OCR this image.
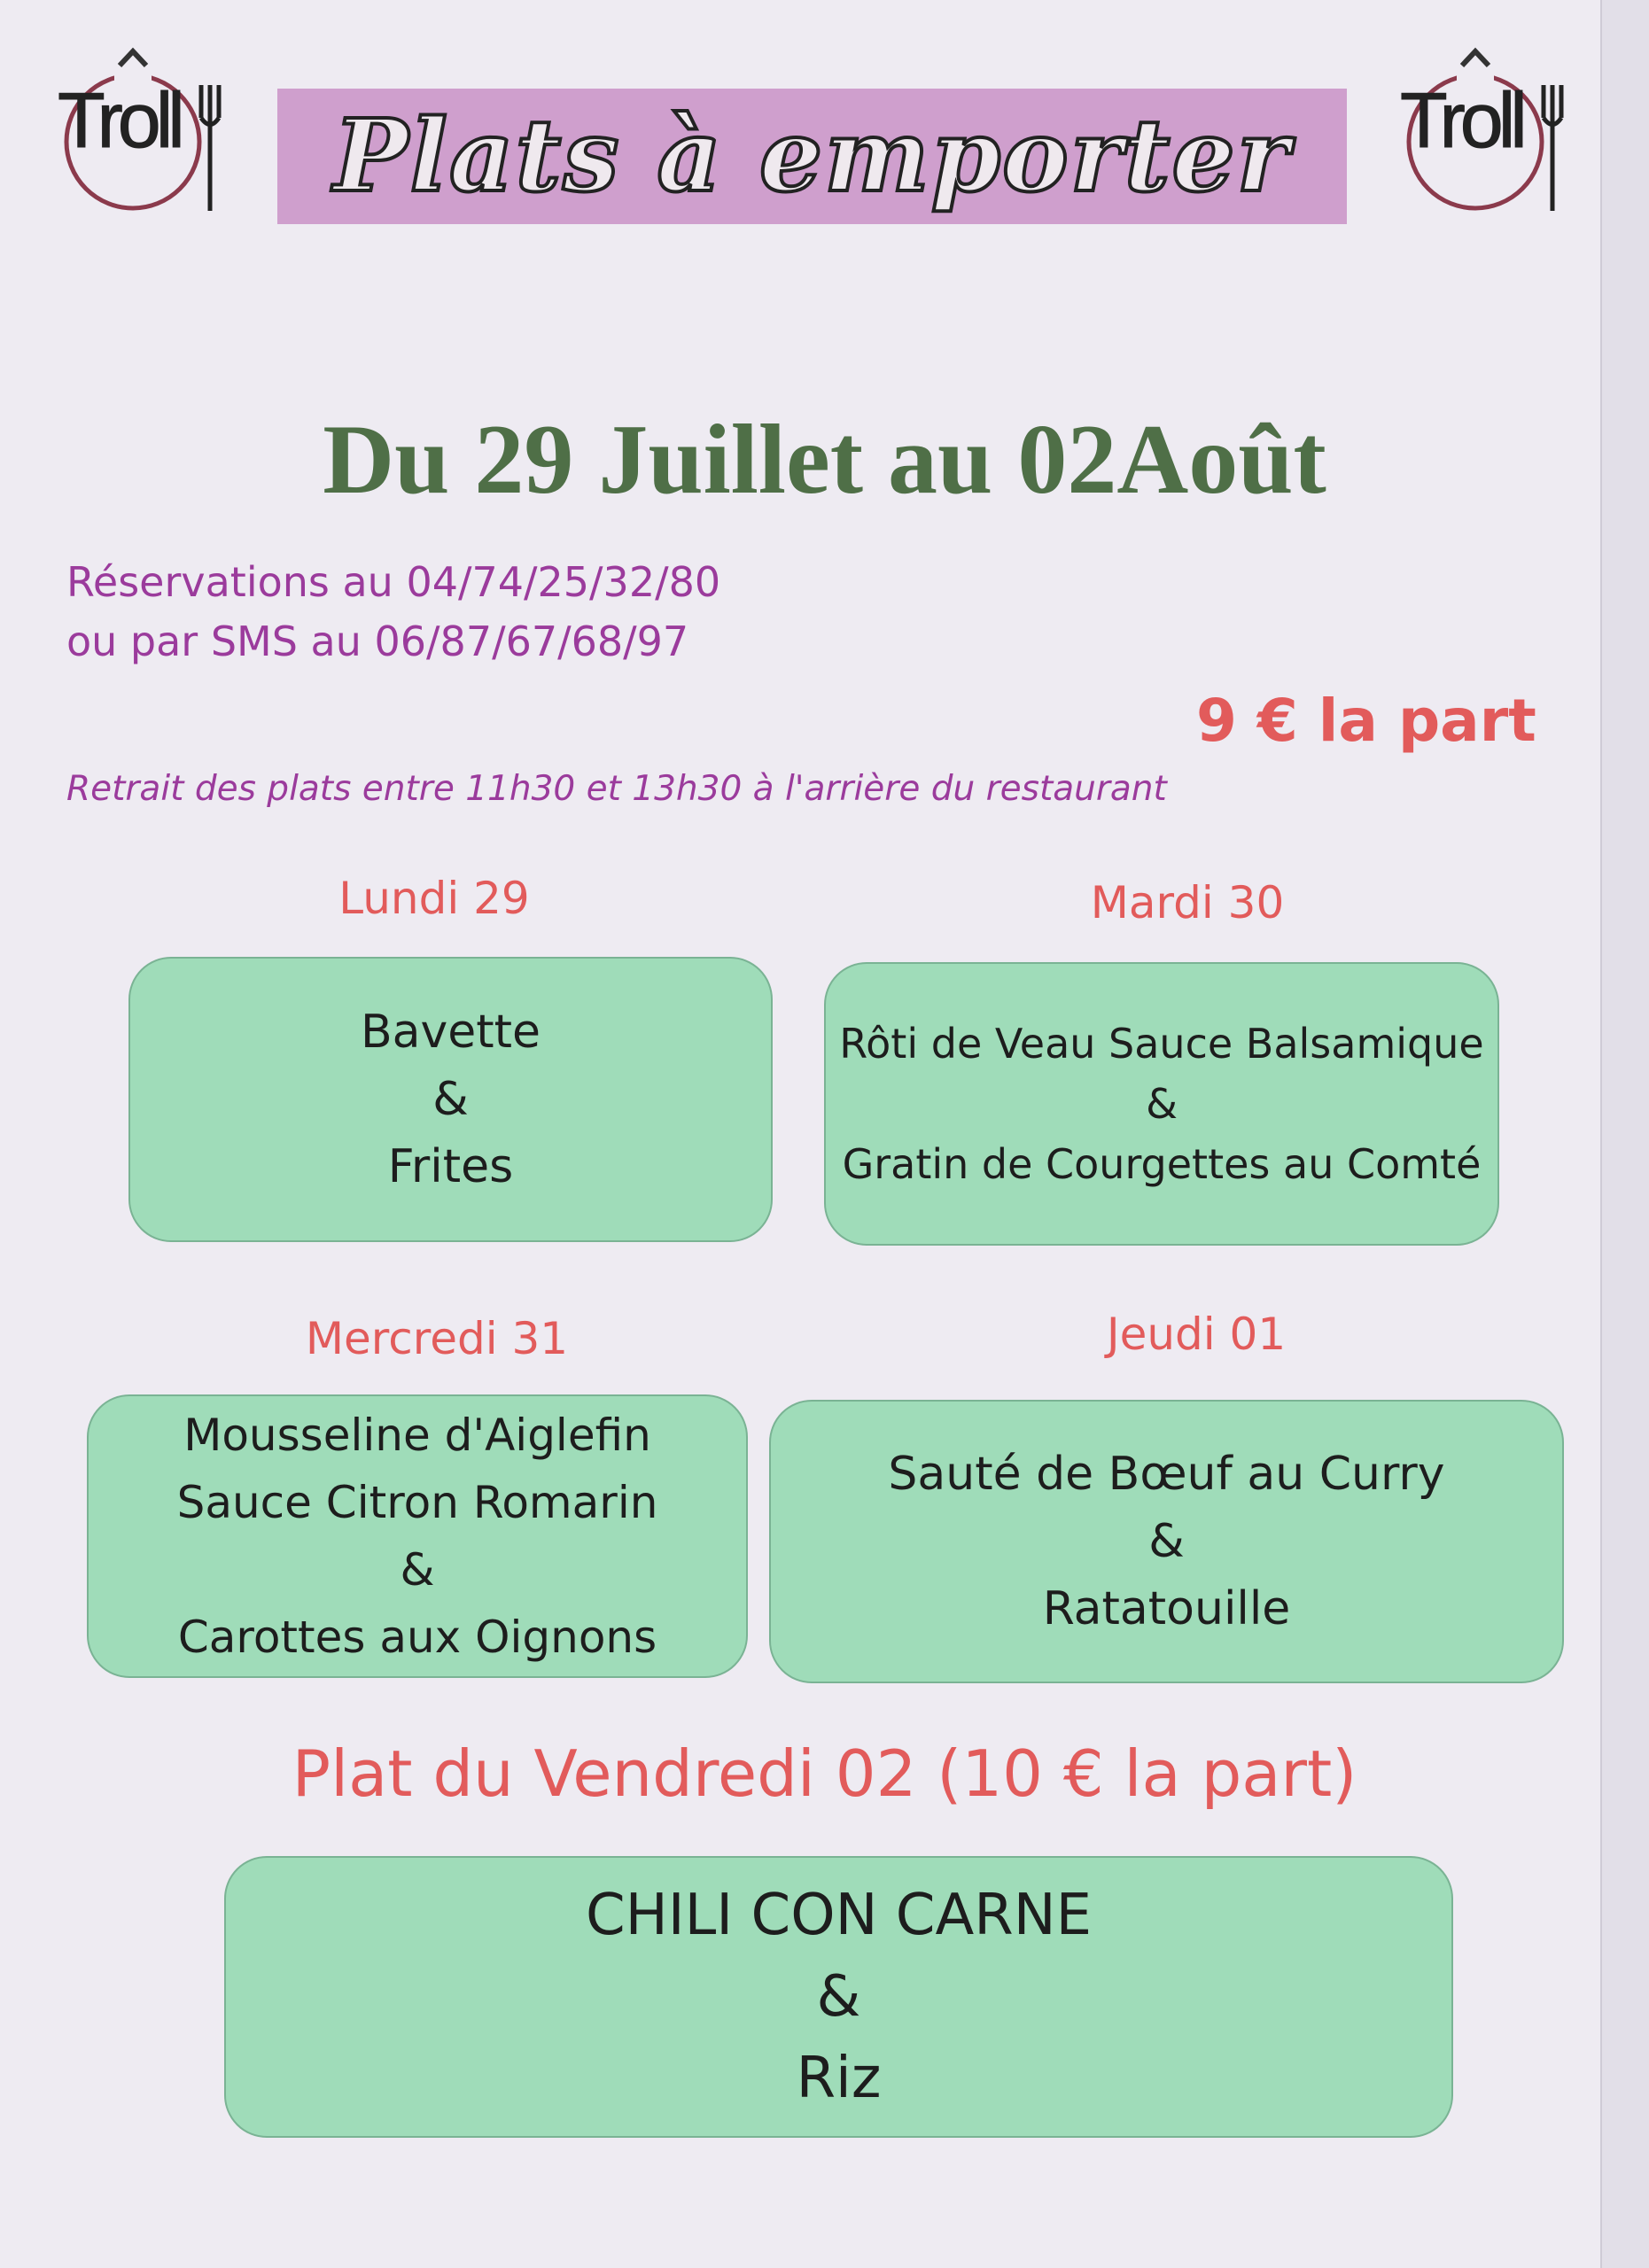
Troll Plats à emporter Troll
Du 29 Juillet au 02Août
Réservations au 04/74/25/32/80
ou par SMS au 06/87/67/68/97
9 € la part
Retrait des plats entre 11h30 et 13h30 à l'arrière du restaurant
Lundi 29
Bavette
&
Frites
Mardi 30
Rôti de Veau Sauce Balsamique
&
Gratin de Courgettes au Comté
Mercredi 31
Mousseline d'Aiglefin
Sauce Citron Romarin
&
Carottes aux Oignons
Jeudi 01
Sauté de Bœuf au Curry
&
Ratatouille
Plat du Vendredi 02 (10 € la part)
CHILI CON CARNE
&
Riz
